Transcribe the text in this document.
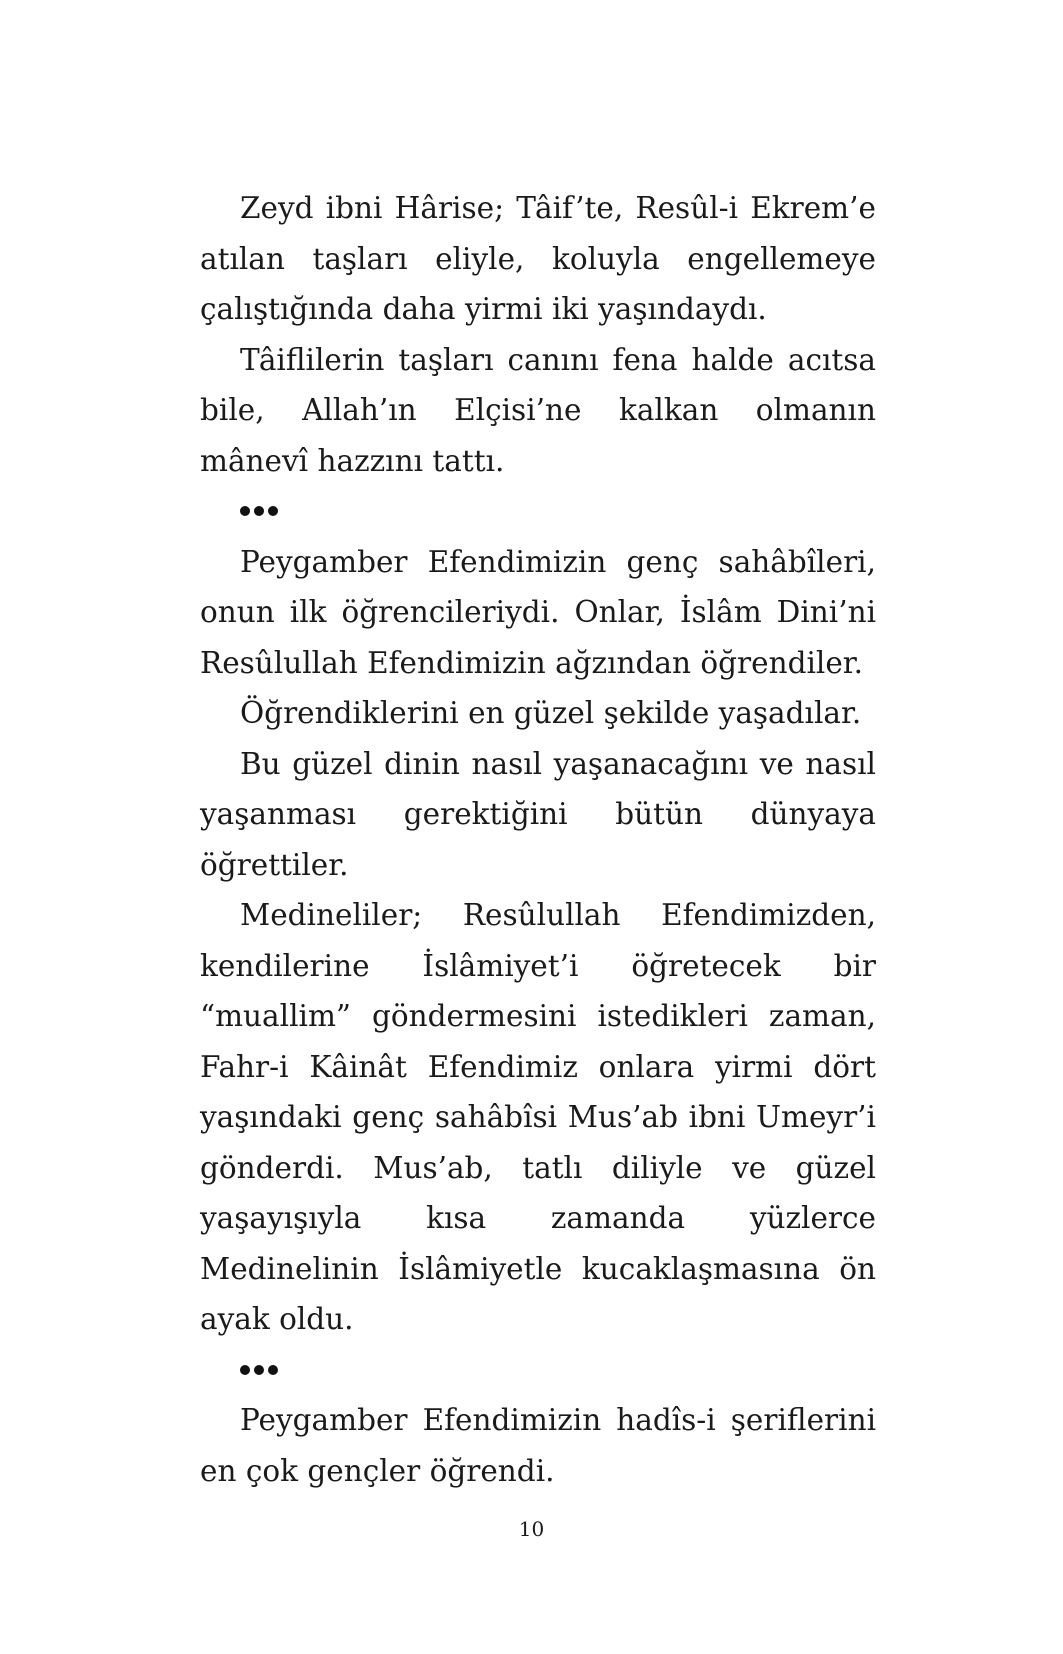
Zeyd ibni Hârise; Tâif’te, Resûl-i Ekrem’e atılan taşları eliyle, koluyla engellemeye çalıştığında daha yirmi iki yaşındaydı.

Tâiflilerin taşları canını fena halde acıtsa bile, Allah’ın Elçisi’ne kalkan olmanın mânevî hazzını tattı.

Peygamber Efendimizin genç sahâbîleri, onun ilk öğrencileriydi. Onlar, İslâm Dini’ni Resûlullah Efendimizin ağzından öğrendiler.

Öğrendiklerini en güzel şekilde yaşadılar.

Bu güzel dinin nasıl yaşanacağını ve nasıl yaşanması gerektiğini bütün dünyaya öğrettiler.

Medineliler; Resûlullah Efendimizden, kendilerine İslâmiyet’i öğretecek bir “muallim” göndermesini istedikleri zaman, Fahr-i Kâinât Efendimiz onlara yirmi dört yaşındaki genç sahâbîsi Mus’ab ibni Umeyr’i gönderdi. Mus’ab, tatlı diliyle ve güzel yaşayışıyla kısa zamanda yüzlerce Medinelinin İslâmiyetle kucaklaşmasına ön ayak oldu.

Peygamber Efendimizin hadîs-i şeriflerini en çok gençler öğrendi.

10
